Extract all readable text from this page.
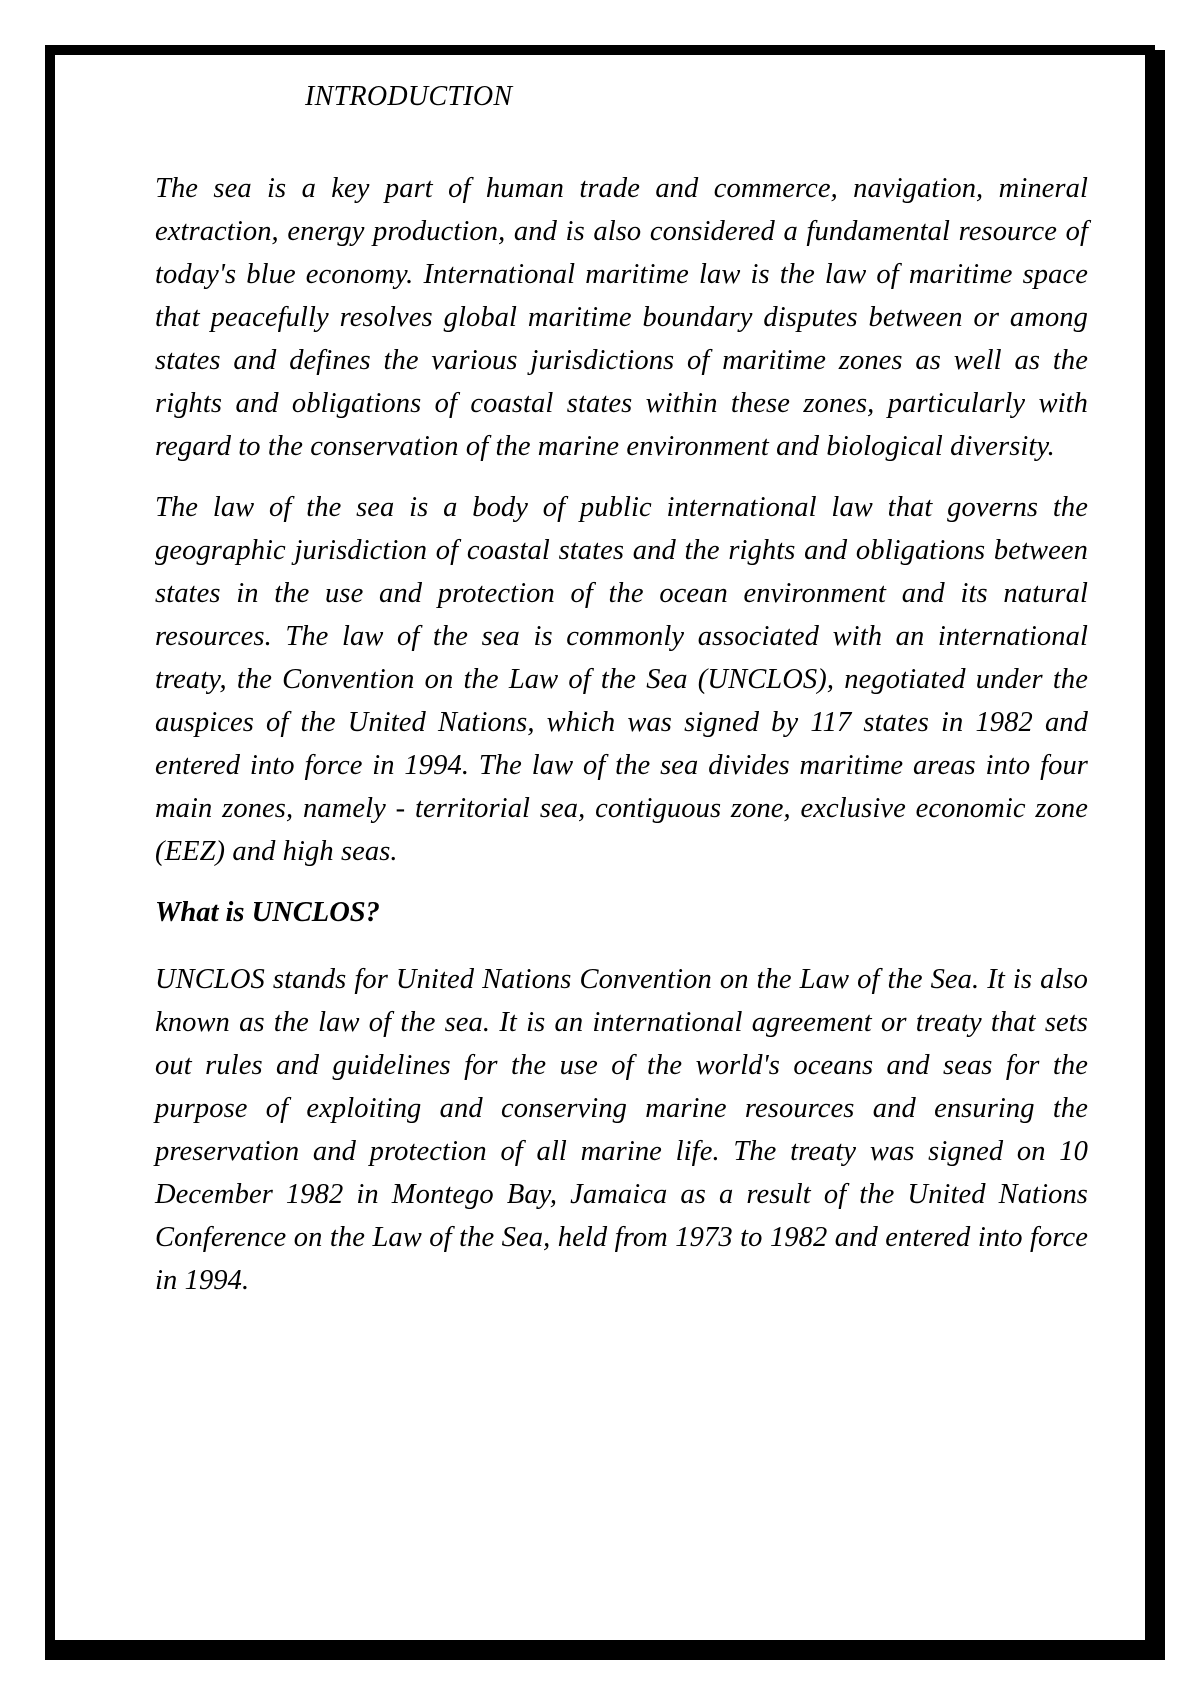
INTRODUCTION

The sea is a key part of human trade and commerce, navigation, mineral extraction, energy production, and is also considered a fundamental resource of today's blue economy. International maritime law is the law of maritime space that peacefully resolves global maritime boundary disputes between or among states and defines the various jurisdictions of maritime zones as well as the rights and obligations of coastal states within these zones, particularly with regard to the conservation of the marine environment and biological diversity.

The law of the sea is a body of public international law that governs the geographic jurisdiction of coastal states and the rights and obligations between states in the use and protection of the ocean environment and its natural resources. The law of the sea is commonly associated with an international treaty, the Convention on the Law of the Sea (UNCLOS), negotiated under the auspices of the United Nations, which was signed by 117 states in 1982 and entered into force in 1994. The law of the sea divides maritime areas into four main zones, namely - territorial sea, contiguous zone, exclusive economic zone (EEZ) and high seas.

What is UNCLOS?

UNCLOS stands for United Nations Convention on the Law of the Sea. It is also known as the law of the sea. It is an international agreement or treaty that sets out rules and guidelines for the use of the world's oceans and seas for the purpose of exploiting and conserving marine resources and ensuring the preservation and protection of all marine life. The treaty was signed on 10 December 1982 in Montego Bay, Jamaica as a result of the United Nations Conference on the Law of the Sea, held from 1973 to 1982 and entered into force in 1994.
